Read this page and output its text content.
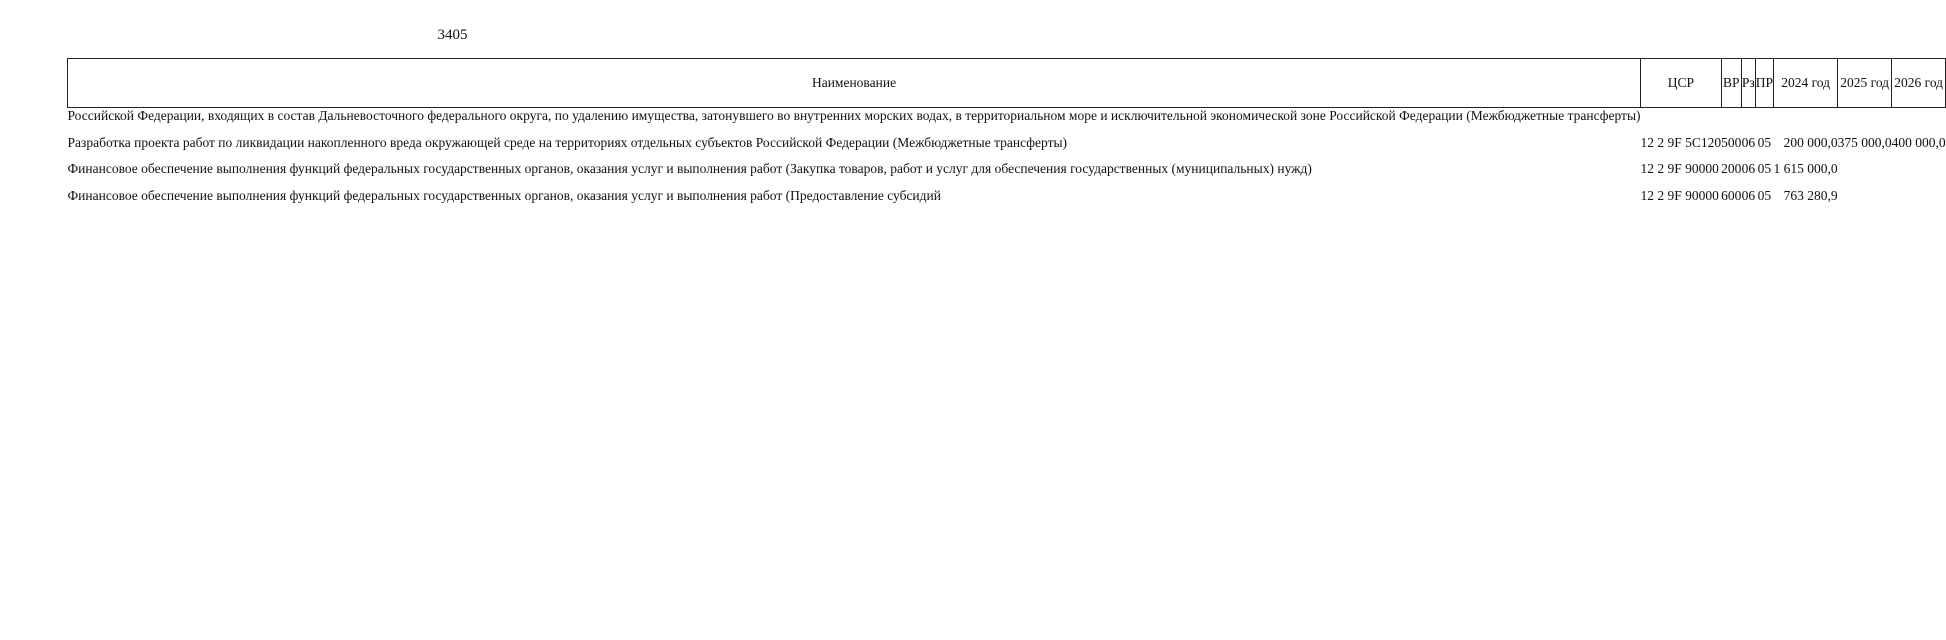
3405
Наименование	ЦСР	ВР	Рз	ПР	2024 год	2025 год	2026 год
Российской Федерации, входящих в состав Дальневосточного федерального округа, по удалению имущества, затонувшего во внутренних морских водах, в территориальном море и исключительной экономической зоне Российской Федерации (Межбюджетные трансферты)							

Разработка проекта работ по ликвидации накопленного вреда окружающей среде на территориях отдельных субъектов Российской Федерации (Межбюджетные трансферты)	12 2 9F 5C120	500	06	05	200 000,0	375 000,0	400 000,0

Финансовое обеспечение выполнения функций федеральных государственных органов, оказания услуг и выполнения работ (Закупка товаров, работ и услуг для обеспечения государственных (муниципальных) нужд)	12 2 9F 90000	200	06	05	1 615 000,0		

Финансовое обеспечение выполнения функций федеральных государственных органов, оказания услуг и выполнения работ (Предоставление субсидий	12 2 9F 90000	600	06	05	763 280,9		
